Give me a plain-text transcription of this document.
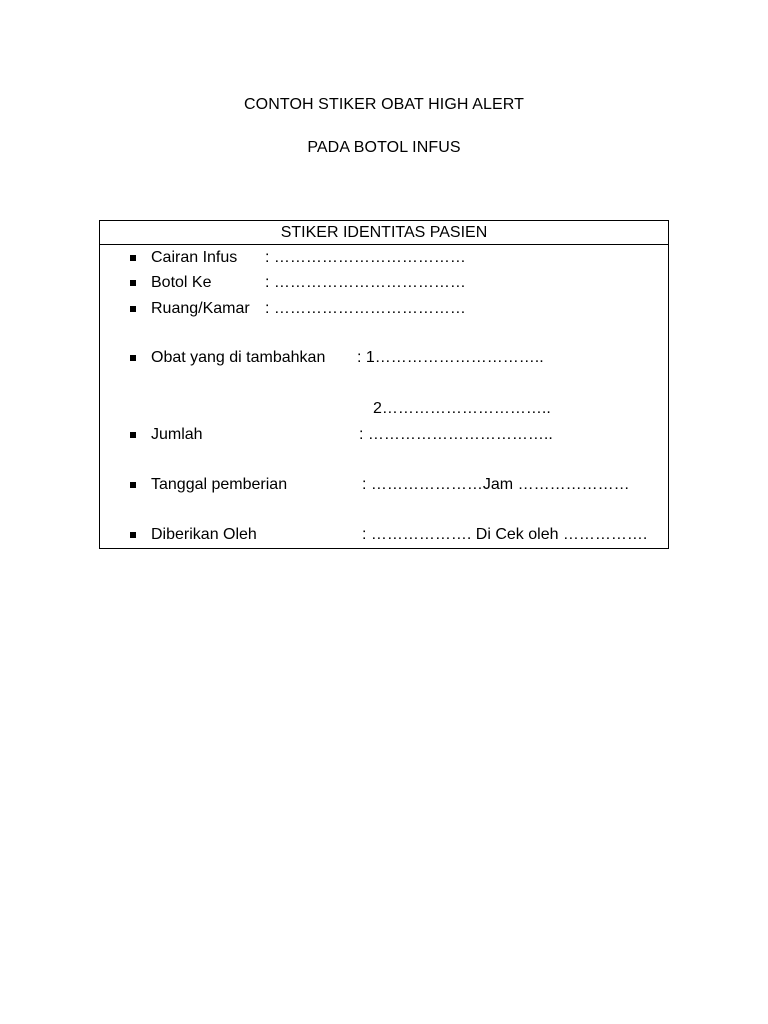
CONTOH STIKER OBAT HIGH ALERT
PADA BOTOL INFUS
STIKER IDENTITAS PASIEN
Cairan Infus : ………………………………
Botol Ke	: ………………………………
Ruang/Kamar : ………………………………
Obat yang di tambahkan : 1…………………………..
2…………………………..
Jumlah	: ……………………………..
Tanggal pemberian	: …………………Jam …………………
Diberikan Oleh	: ………………. Di Cek oleh …………….
